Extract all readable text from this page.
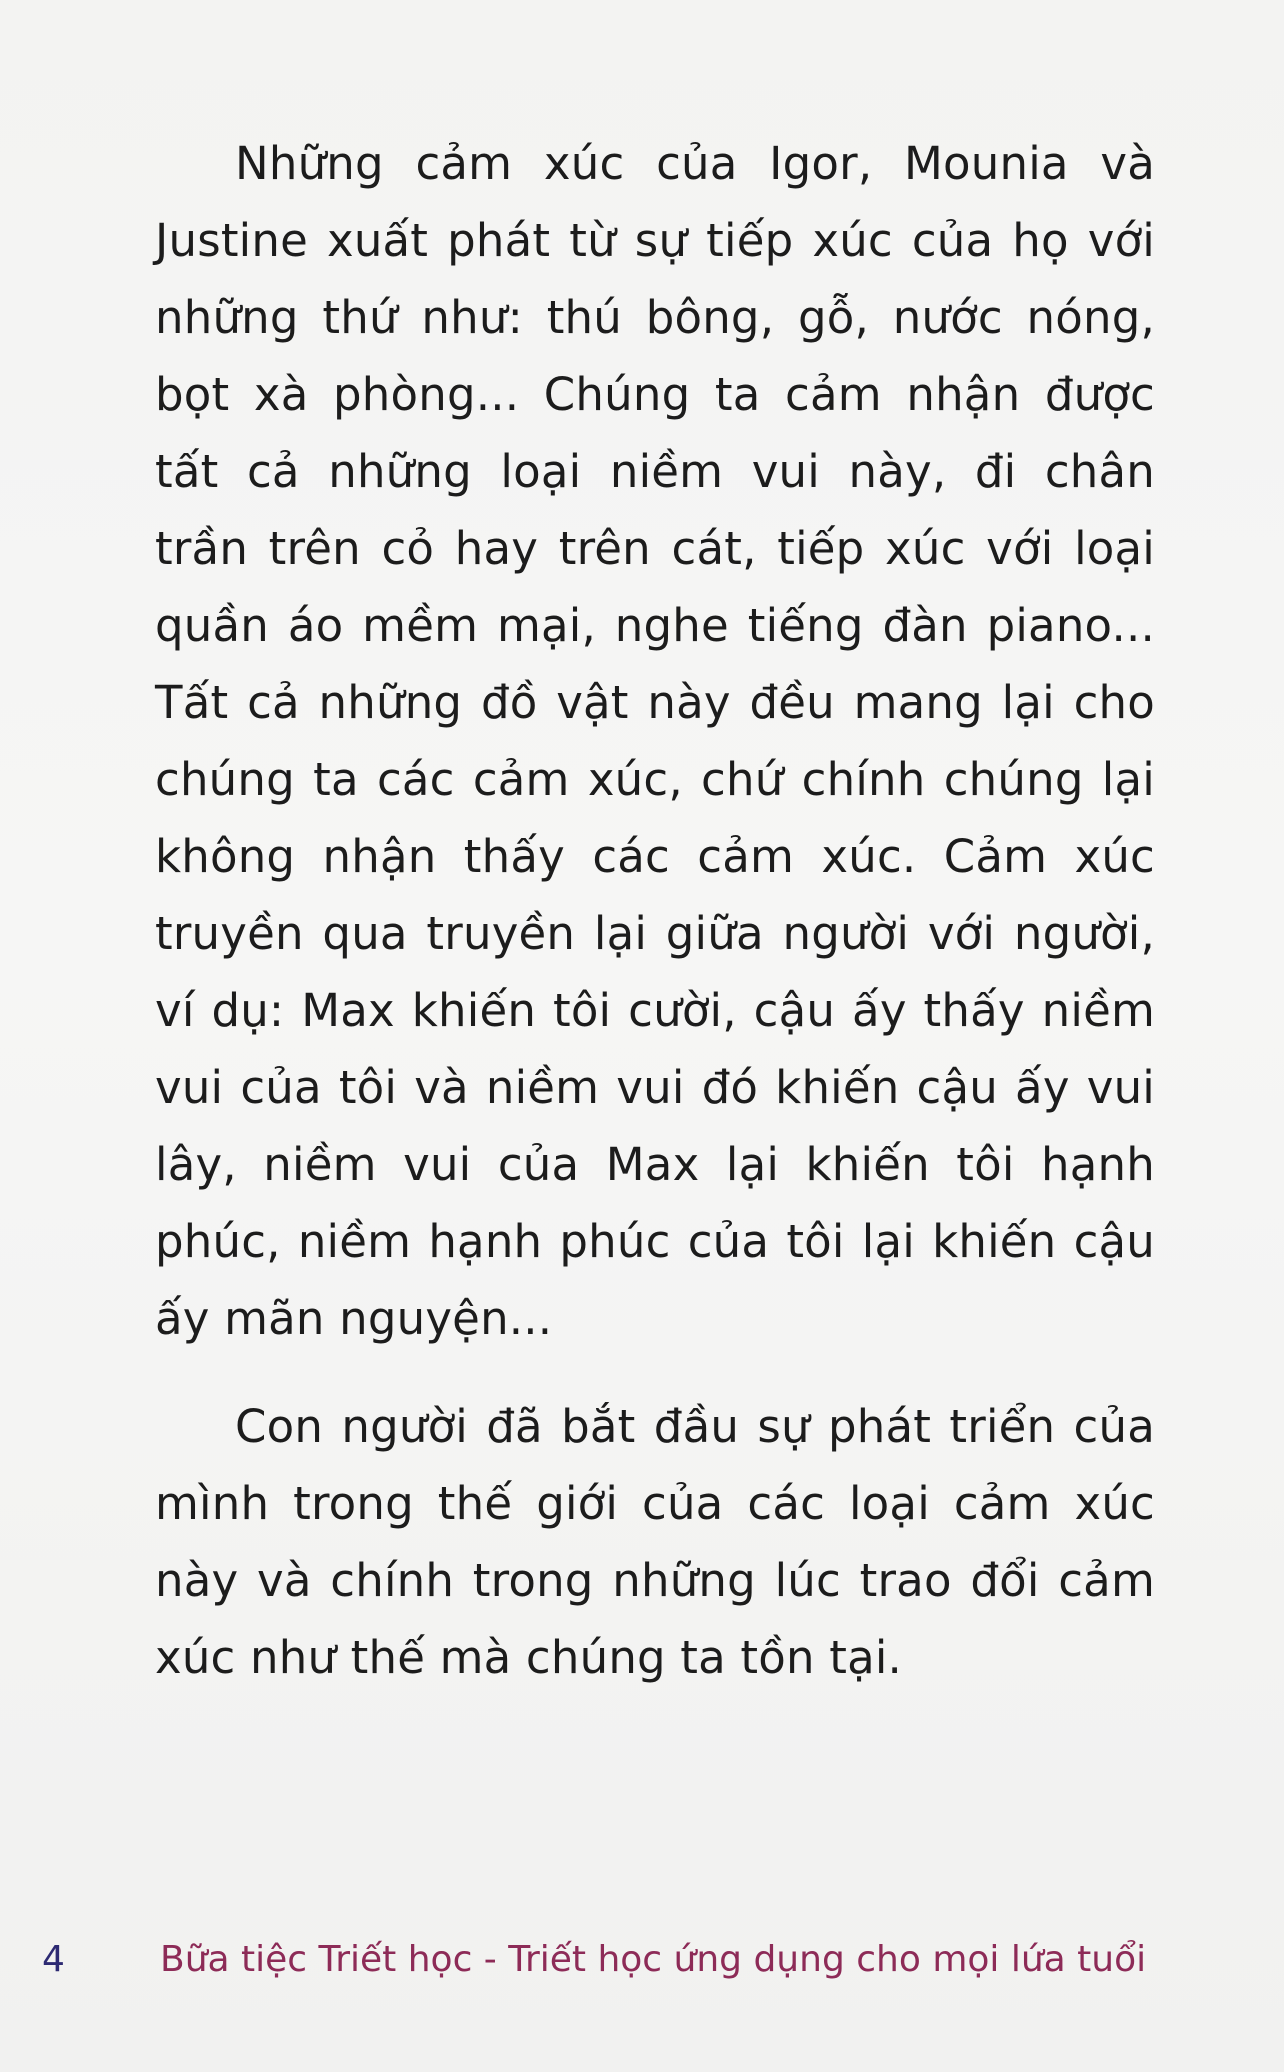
Những cảm xúc của Igor, Mounia và
Justine xuất phát từ sự tiếp xúc của họ với
những thứ như: thú bông, gỗ, nước nóng,
bọt xà phòng... Chúng ta cảm nhận được
tất cả những loại niềm vui này, đi chân
trần trên cỏ hay trên cát, tiếp xúc với loại
quần áo mềm mại, nghe tiếng đàn piano...
Tất cả những đồ vật này đều mang lại cho
chúng ta các cảm xúc, chứ chính chúng lại
không nhận thấy các cảm xúc. Cảm xúc
truyền qua truyền lại giữa người với người,
ví dụ: Max khiến tôi cười, cậu ấy thấy niềm
vui của tôi và niềm vui đó khiến cậu ấy vui
lây, niềm vui của Max lại khiến tôi hạnh
phúc, niềm hạnh phúc của tôi lại khiến cậu
ấy mãn nguyện...
Con người đã bắt đầu sự phát triển của
mình trong thế giới của các loại cảm xúc
này và chính trong những lúc trao đổi cảm
xúc như thế mà chúng ta tồn tại.
4	Bữa tiệc Triết học - Triết học ứng dụng cho mọi lứa tuổi
